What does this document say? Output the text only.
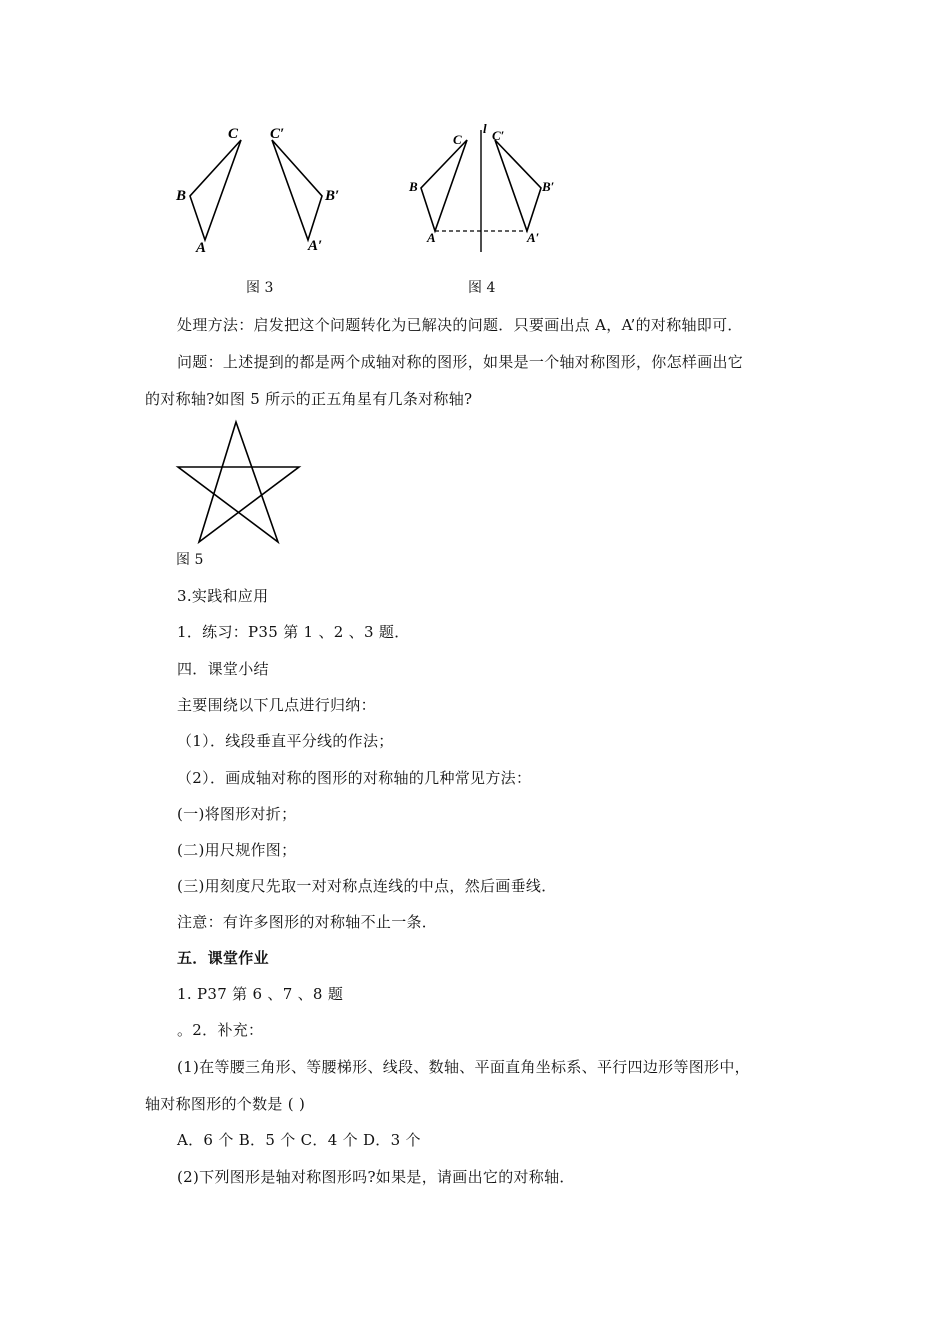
C
B
A
C′
B′
A′
图 3
l
C
B
A
C′
B′
A′
图 4
处理方法：启发把这个问题转化为已解决的问题．只要画出点 A，A’的对称轴即可．
问题：上述提到的都是两个成轴对称的图形，如果是一个轴对称图形，你怎样画出它
的对称轴?如图 5 所示的正五角星有几条对称轴?
图 5
3.实践和应用
1．练习：P35 第 1 、2 、3 题．
四．课堂小结
主要围绕以下几点进行归纳：
（1）．线段垂直平分线的作法；
（2）．画成轴对称的图形的对称轴的几种常见方法：
(一)将图形对折；
(二)用尺规作图；
(三)用刻度尺先取一对对称点连线的中点，然后画垂线．
注意：有许多图形的对称轴不止一条．
五．课堂作业
1. P37 第 6 、7 、8 题
。2．补充：
(1)在等腰三角形、等腰梯形、线段、数轴、平面直角坐标系、平行四边形等图形中，
轴对称图形的个数是 ( )
A．6 个 B．5 个 C．4 个 D．3 个
(2)下列图形是轴对称图形吗?如果是，请画出它的对称轴．
